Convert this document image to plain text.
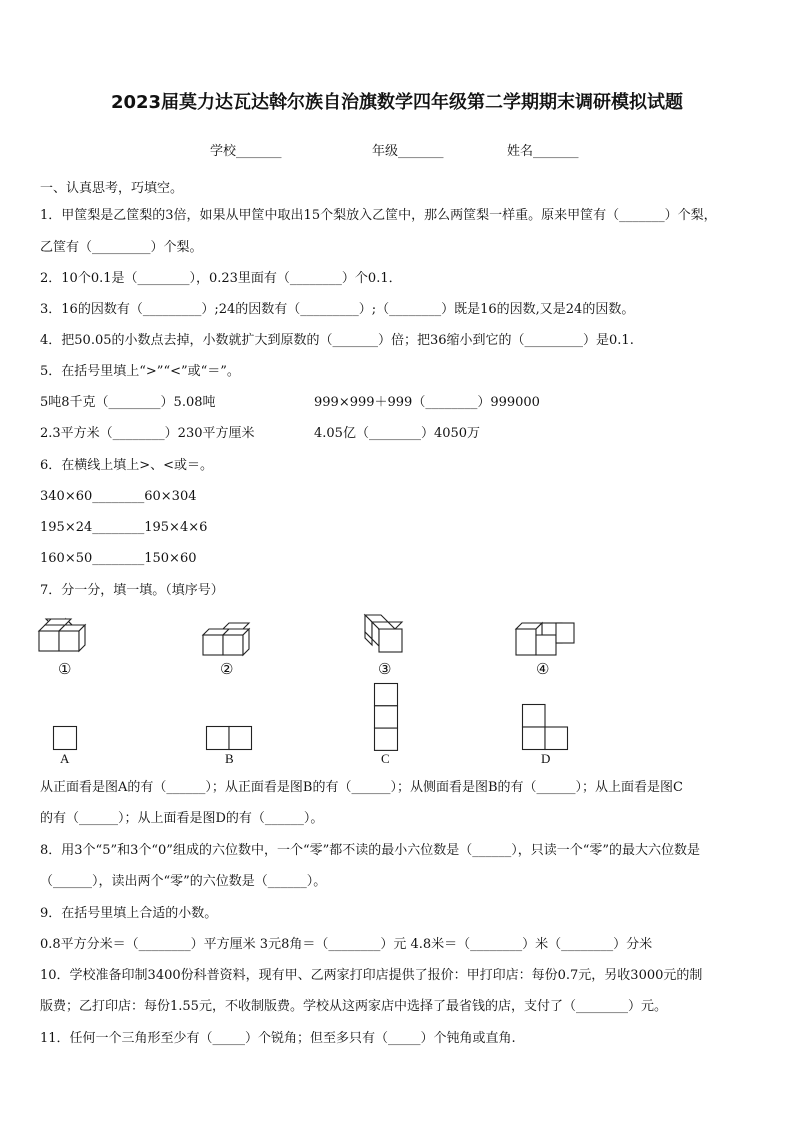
2023届莫力达瓦达斡尔族自治旗数学四年级第二学期期末调研模拟试题
学校_______	年级_______	姓名_______
一、认真思考，巧填空。
1．甲筐梨是乙筐梨的3倍，如果从甲筐中取出15个梨放入乙筐中，那么两筐梨一样重。原来甲筐有（_______）个梨，
乙筐有（_________）个梨。
2．10个0.1是（________），0.23里面有（________）个0.1．
3．16的因数有（_________）;24的因数有（_________）;（________）既是16的因数,又是24的因数。
4．把50.05的小数点去掉，小数就扩大到原数的（_______）倍；把36缩小到它的（_________）是0.1.
5．在括号里填上“>”“<”或“＝”。
5吨8千克（________）5.08吨	999×999＋999（________）999000
2.3平方米（________）230平方厘米	4.05亿（________）4050万
6．在横线上填上>、<或＝。
340×60________60×304
195×24________195×4×6
160×50________150×60
7．分一分，填一填。（填序号）
①	②	③	④
A	B	C	D
从正面看是图A的有（______）；从正面看是图B的有（______）；从侧面看是图B的有（______）；从上面看是图C
的有（______）；从上面看是图D的有（______）。
8．用3个“5”和3个“0”组成的六位数中，一个“零”都不读的最小六位数是（______），只读一个“零”的最大六位数是
（______），读出两个“零”的六位数是（______）。
9．在括号里填上合适的小数。
0.8平方分米＝（________）平方厘米 3元8角＝（________）元 4.8米＝（________）米（________）分米
10．学校准备印制3400份科普资料，现有甲、乙两家打印店提供了报价：甲打印店：每份0.7元，另收3000元的制
版费；乙打印店：每份1.55元，不收制版费。学校从这两家店中选择了最省钱的店，支付了（________）元。
11．任何一个三角形至少有（_____）个锐角；但至多只有（_____）个钝角或直角.
